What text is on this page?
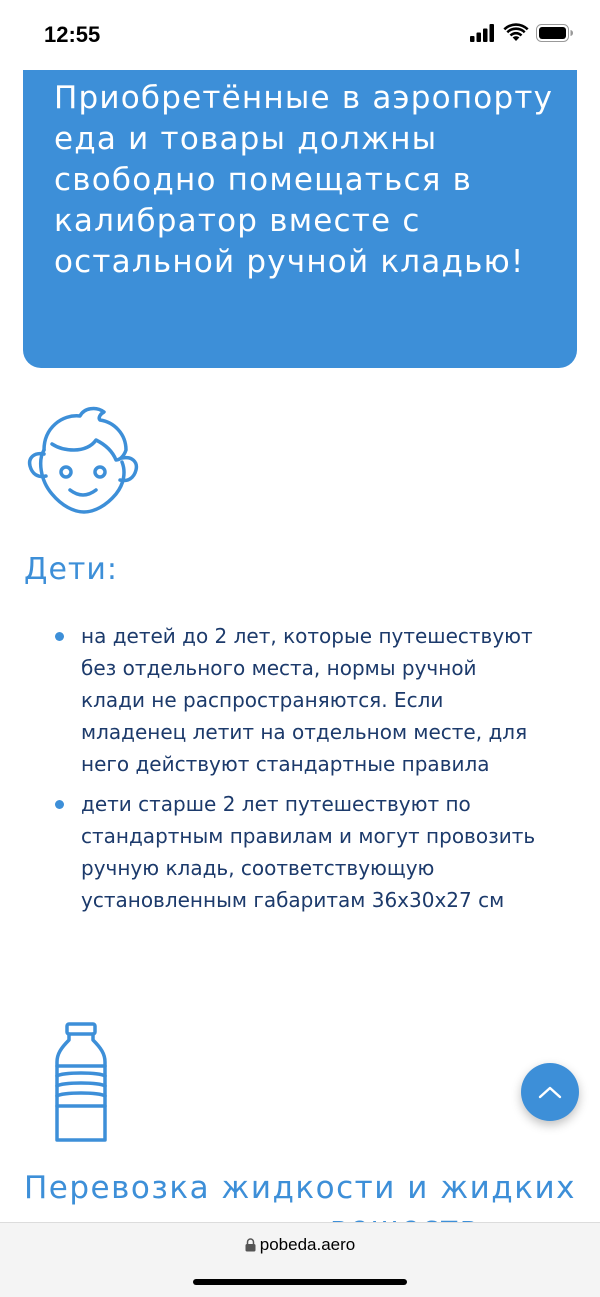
12:55

Приобретённые в аэропорту еда и товары должны свободно помещаться в калибратор вместе с остальной ручной кладью!

Дети:
на детей до 2 лет, которые путешествуют без отдельного места, нормы ручной клади не распространяются. Если младенец летит на отдельном месте, для него действуют стандартные правила
дети старше 2 лет путешествуют по стандартным правилам и могут провозить ручную кладь, соответствующую установленным габаритам 36х30х27 см
Перевозка жидкости и жидких
pobeda.aero
